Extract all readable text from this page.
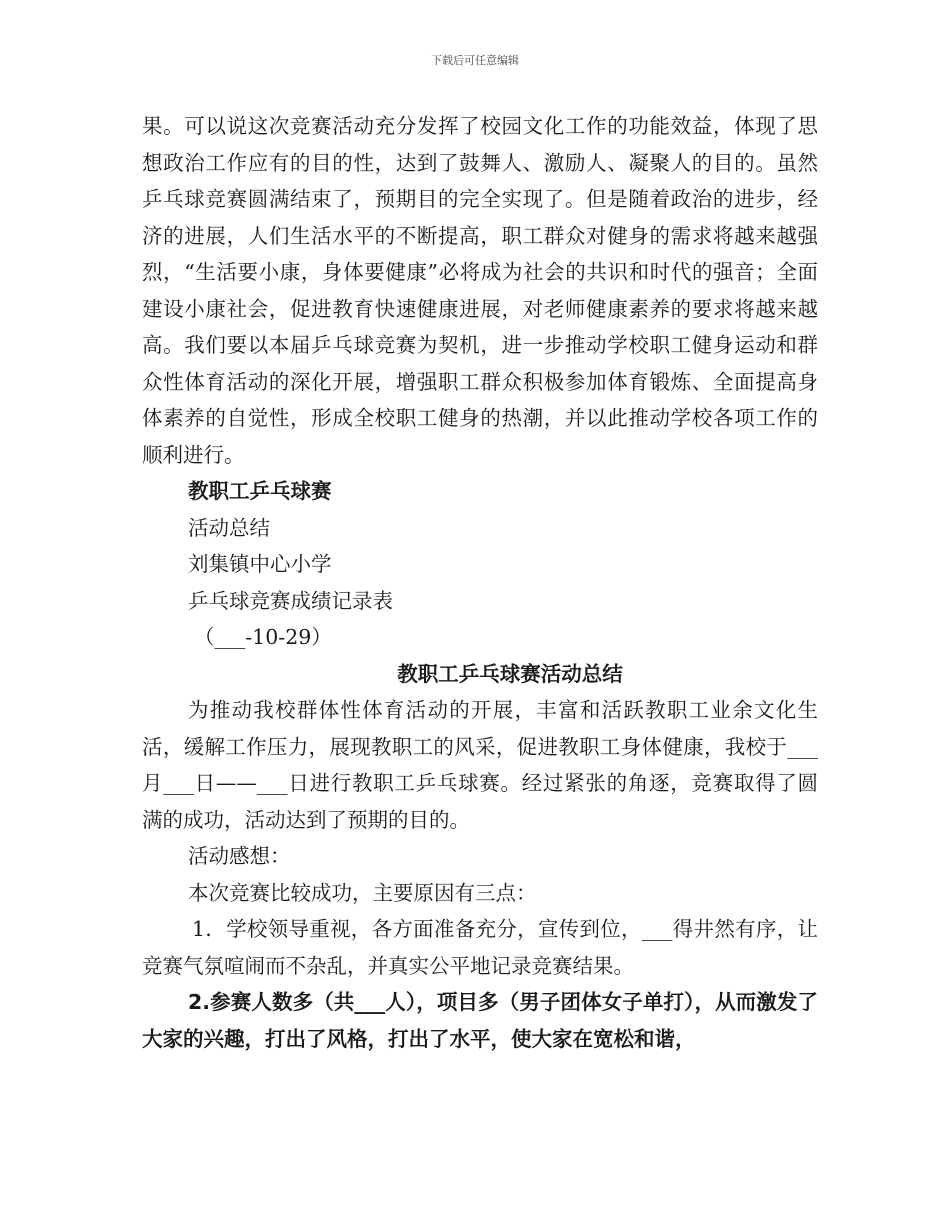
下载后可任意编辑

果。可以说这次竞赛活动充分发挥了校园文化工作的功能效益，体现了思想政治工作应有的目的性，达到了鼓舞人、激励人、凝聚人的目的。虽然乒乓球竞赛圆满结束了，预期目的完全实现了。但是随着政治的进步，经济的进展，人们生活水平的不断提高，职工群众对健身的需求将越来越强烈，“生活要小康，身体要健康”必将成为社会的共识和时代的强音；全面建设小康社会，促进教育快速健康进展，对老师健康素养的要求将越来越高。我们要以本届乒乓球竞赛为契机，进一步推动学校职工健身运动和群众性体育活动的深化开展，增强职工群众积极参加体育锻炼、全面提高身体素养的自觉性，形成全校职工健身的热潮，并以此推动学校各项工作的顺利进行。

教职工乒乓球赛

活动总结

刘集镇中心小学

乒乓球竞赛成绩记录表

（___-10-29）

教职工乒乓球赛活动总结

为推动我校群体性体育活动的开展，丰富和活跃教职工业余文化生活，缓解工作压力，展现教职工的风采，促进教职工身体健康，我校于___月___日——___日进行教职工乒乓球赛。经过紧张的角逐，竞赛取得了圆满的成功，活动达到了预期的目的。

活动感想：

本次竞赛比较成功，主要原因有三点：

1．学校领导重视，各方面准备充分，宣传到位，___得井然有序，让竞赛气氛喧闹而不杂乱，并真实公平地记录竞赛结果。

2.参赛人数多（共___人），项目多（男子团体女子单打），从而激发了大家的兴趣，打出了风格，打出了水平，使大家在宽松和谐，
